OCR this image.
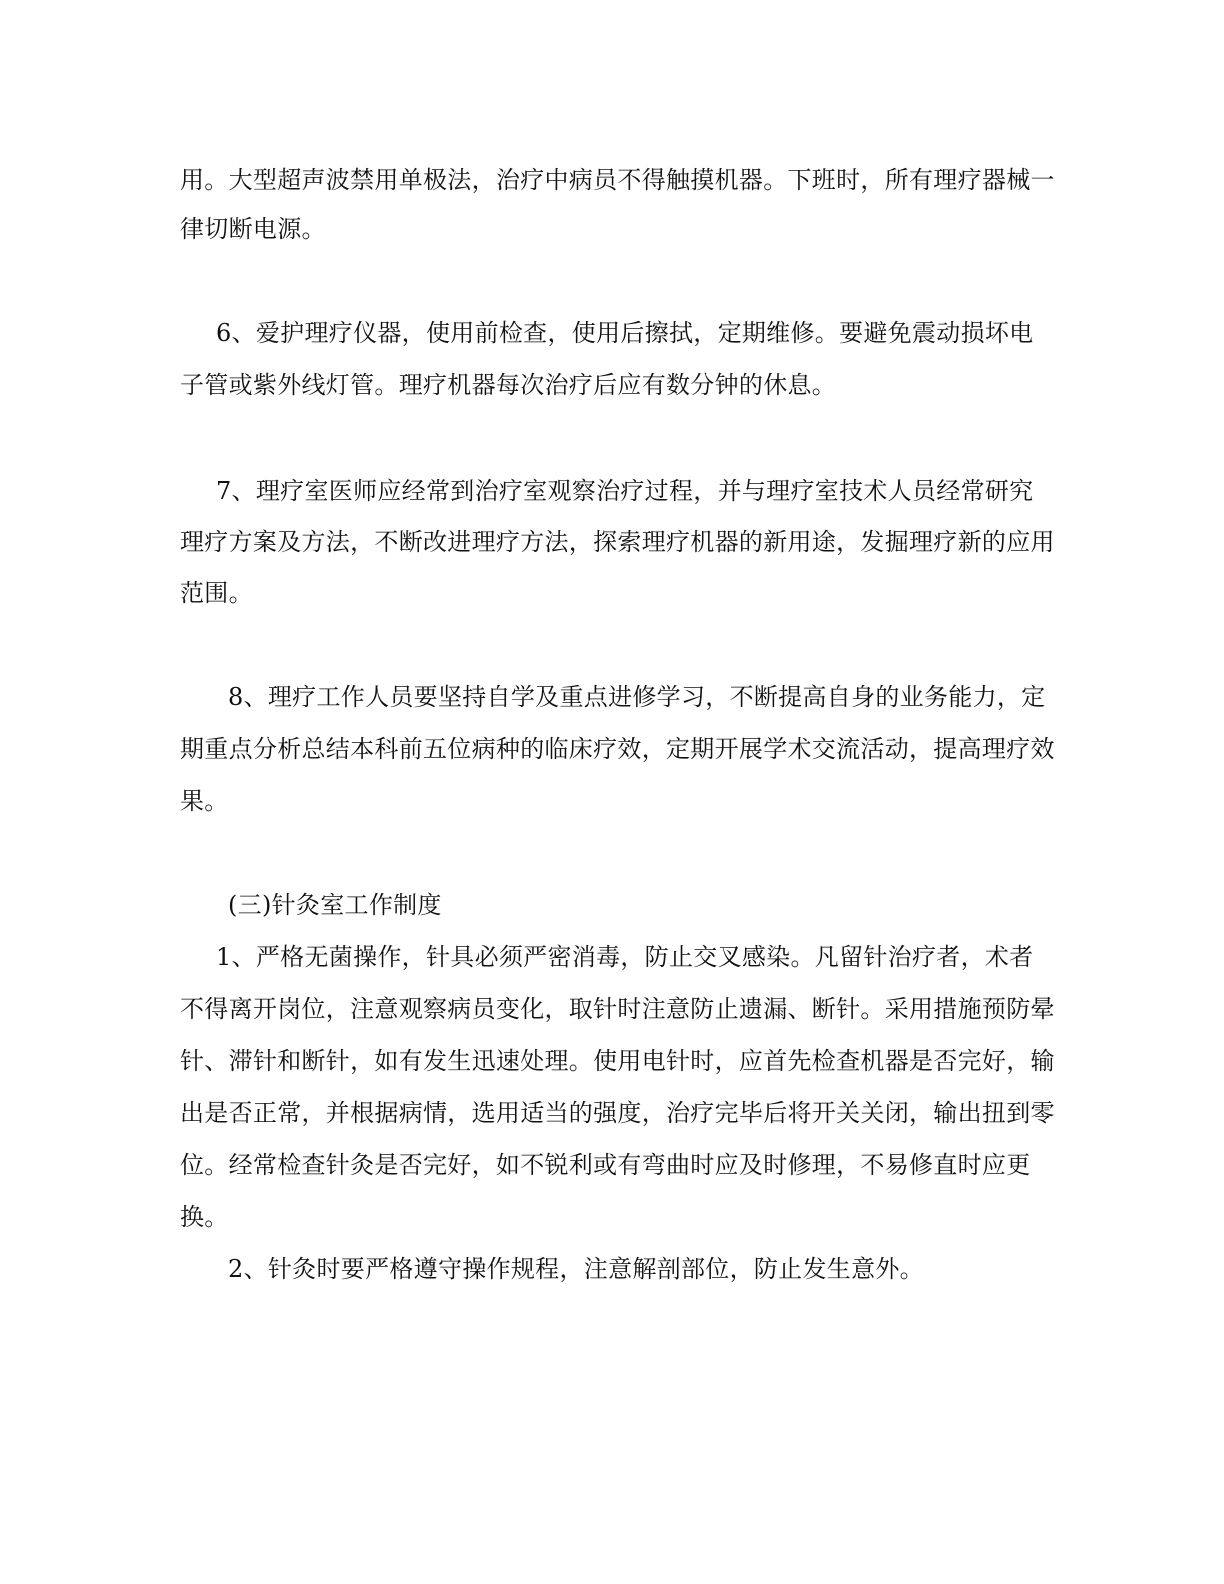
用。大型超声波禁用单极法，治疗中病员不得触摸机器。下班时，所有理疗器械一
律切断电源。
6、爱护理疗仪器，使用前检查，使用后擦拭，定期维修。要避免震动损坏电
子管或紫外线灯管。理疗机器每次治疗后应有数分钟的休息。
7、理疗室医师应经常到治疗室观察治疗过程，并与理疗室技术人员经常研究
理疗方案及方法，不断改进理疗方法，探索理疗机器的新用途，发掘理疗新的应用
范围。
8、理疗工作人员要坚持自学及重点进修学习，不断提高自身的业务能力，定
期重点分析总结本科前五位病种的临床疗效，定期开展学术交流活动，提高理疗效
果。
(三)针灸室工作制度
1、严格无菌操作，针具必须严密消毒，防止交叉感染。凡留针治疗者，术者
不得离开岗位，注意观察病员变化，取针时注意防止遗漏、断针。采用措施预防晕
针、滞针和断针，如有发生迅速处理。使用电针时，应首先检查机器是否完好，输
出是否正常，并根据病情，选用适当的强度，治疗完毕后将开关关闭，输出扭到零
位。经常检查针灸是否完好，如不锐利或有弯曲时应及时修理，不易修直时应更
换。
2、针灸时要严格遵守操作规程，注意解剖部位，防止发生意外。
